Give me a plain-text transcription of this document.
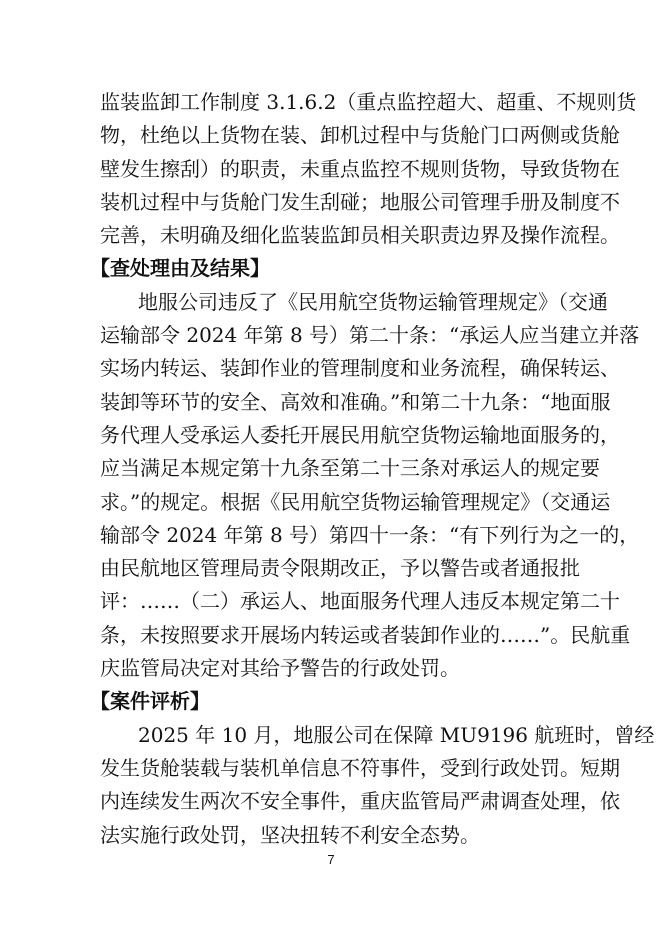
监装监卸工作制度 3.1.6.2（重点监控超大、超重、不规则货
物，杜绝以上货物在装、卸机过程中与货舱门口两侧或货舱
壁发生擦刮）的职责，未重点监控不规则货物，导致货物在
装机过程中与货舱门发生刮碰；地服公司管理手册及制度不
完善，未明确及细化监装监卸员相关职责边界及操作流程。
【查处理由及结果】
地服公司违反了《民用航空货物运输管理规定》（交通
运输部令 2024 年第 8 号）第二十条：“承运人应当建立并落
实场内转运、装卸作业的管理制度和业务流程，确保转运、
装卸等环节的安全、高效和准确。”和第二十九条：“地面服
务代理人受承运人委托开展民用航空货物运输地面服务的，
应当满足本规定第十九条至第二十三条对承运人的规定要
求。”的规定。根据《民用航空货物运输管理规定》（交通运
输部令 2024 年第 8 号）第四十一条：“有下列行为之一的，
由民航地区管理局责令限期改正，予以警告或者通报批
评：……（二）承运人、地面服务代理人违反本规定第二十
条，未按照要求开展场内转运或者装卸作业的……”。民航重
庆监管局决定对其给予警告的行政处罚。
【案件评析】
2025 年 10 月，地服公司在保障 MU9196 航班时，曾经
发生货舱装载与装机单信息不符事件，受到行政处罚。短期
内连续发生两次不安全事件，重庆监管局严肃调查处理，依
法实施行政处罚，坚决扭转不利安全态势。
7
